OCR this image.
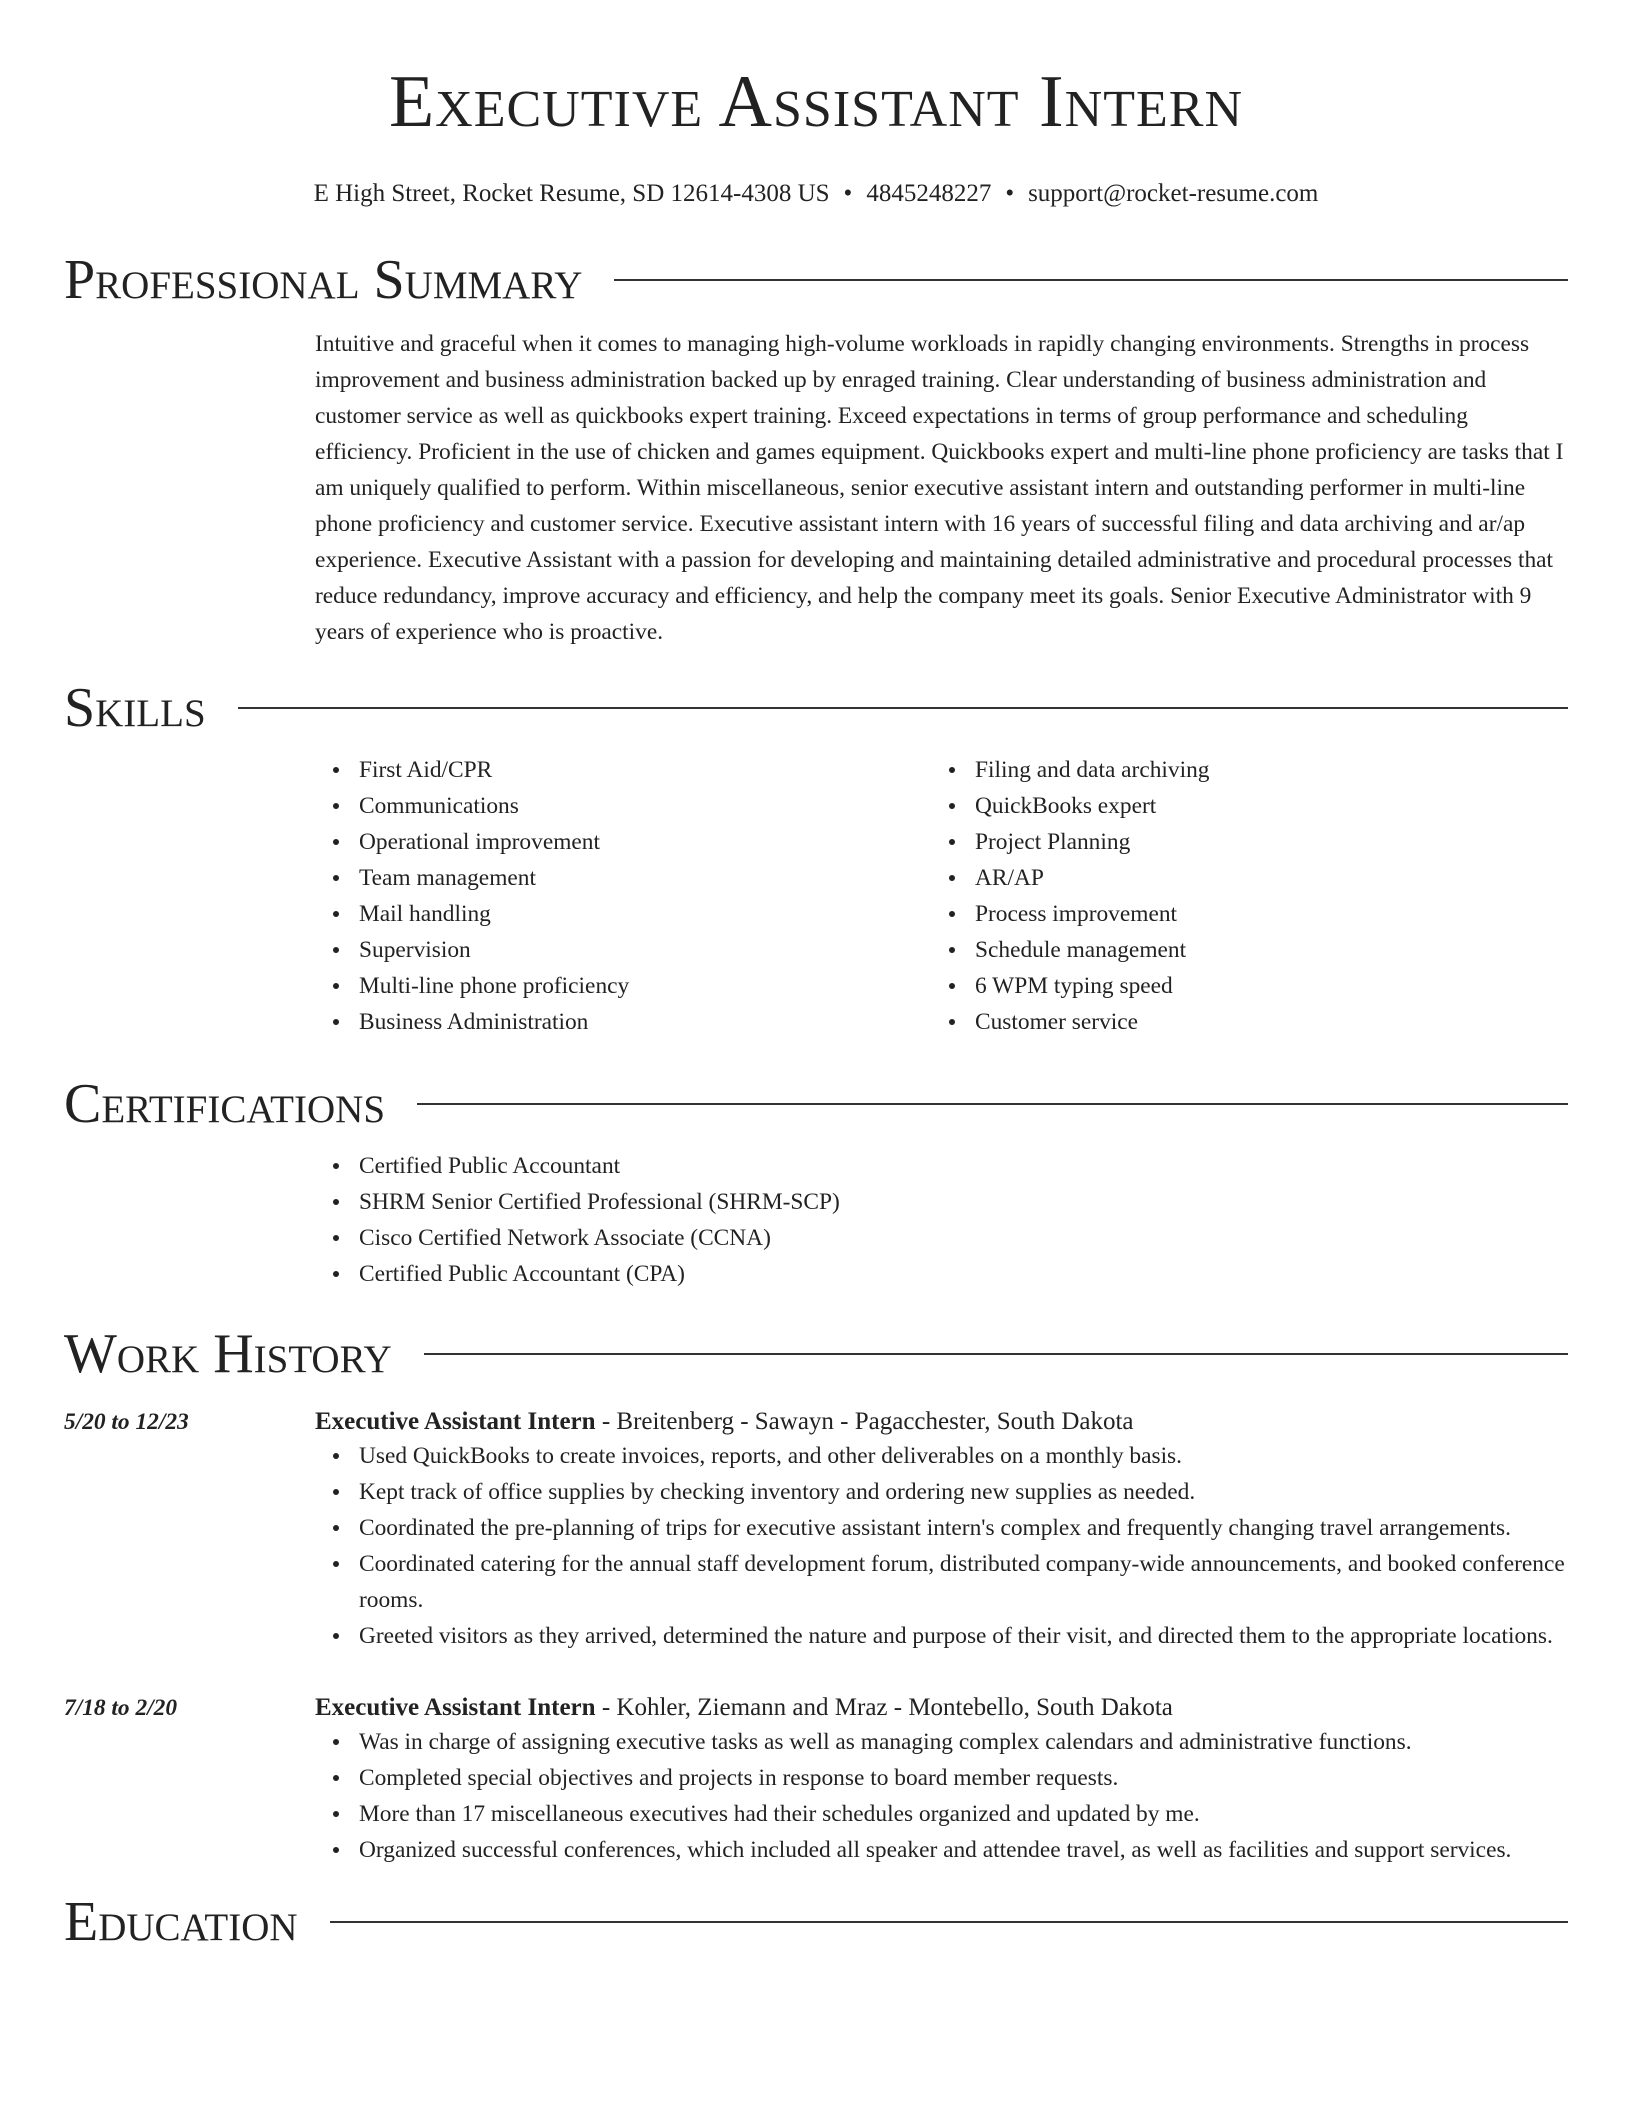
Executive Assistant Intern
E High Street, Rocket Resume, SD 12614-4308 US • 4845248227 • support@rocket-resume.com
Professional Summary
Intuitive and graceful when it comes to managing high-volume workloads in rapidly changing environments. Strengths in process improvement and business administration backed up by enraged training. Clear understanding of business administration and customer service as well as quickbooks expert training. Exceed expectations in terms of group performance and scheduling efficiency. Proficient in the use of chicken and games equipment. Quickbooks expert and multi-line phone proficiency are tasks that I am uniquely qualified to perform. Within miscellaneous, senior executive assistant intern and outstanding performer in multi-line phone proficiency and customer service. Executive assistant intern with 16 years of successful filing and data archiving and ar/ap experience. Executive Assistant with a passion for developing and maintaining detailed administrative and procedural processes that reduce redundancy, improve accuracy and efficiency, and help the company meet its goals. Senior Executive Administrator with 9 years of experience who is proactive.
Skills
First Aid/CPR
Communications
Operational improvement
Team management
Mail handling
Supervision
Multi-line phone proficiency
Business Administration
Filing and data archiving
QuickBooks expert
Project Planning
AR/AP
Process improvement
Schedule management
6 WPM typing speed
Customer service
Certifications
Certified Public Accountant
SHRM Senior Certified Professional (SHRM-SCP)
Cisco Certified Network Associate (CCNA)
Certified Public Accountant (CPA)
Work History
5/20 to 12/23	Executive Assistant Intern - Breitenberg - Sawayn - Pagacchester, South Dakota
Used QuickBooks to create invoices, reports, and other deliverables on a monthly basis.
Kept track of office supplies by checking inventory and ordering new supplies as needed.
Coordinated the pre-planning of trips for executive assistant intern's complex and frequently changing travel arrangements.
Coordinated catering for the annual staff development forum, distributed company-wide announcements, and booked conference rooms.
Greeted visitors as they arrived, determined the nature and purpose of their visit, and directed them to the appropriate locations.
7/18 to 2/20	Executive Assistant Intern - Kohler, Ziemann and Mraz - Montebello, South Dakota
Was in charge of assigning executive tasks as well as managing complex calendars and administrative functions.
Completed special objectives and projects in response to board member requests.
More than 17 miscellaneous executives had their schedules organized and updated by me.
Organized successful conferences, which included all speaker and attendee travel, as well as facilities and support services.
Education
